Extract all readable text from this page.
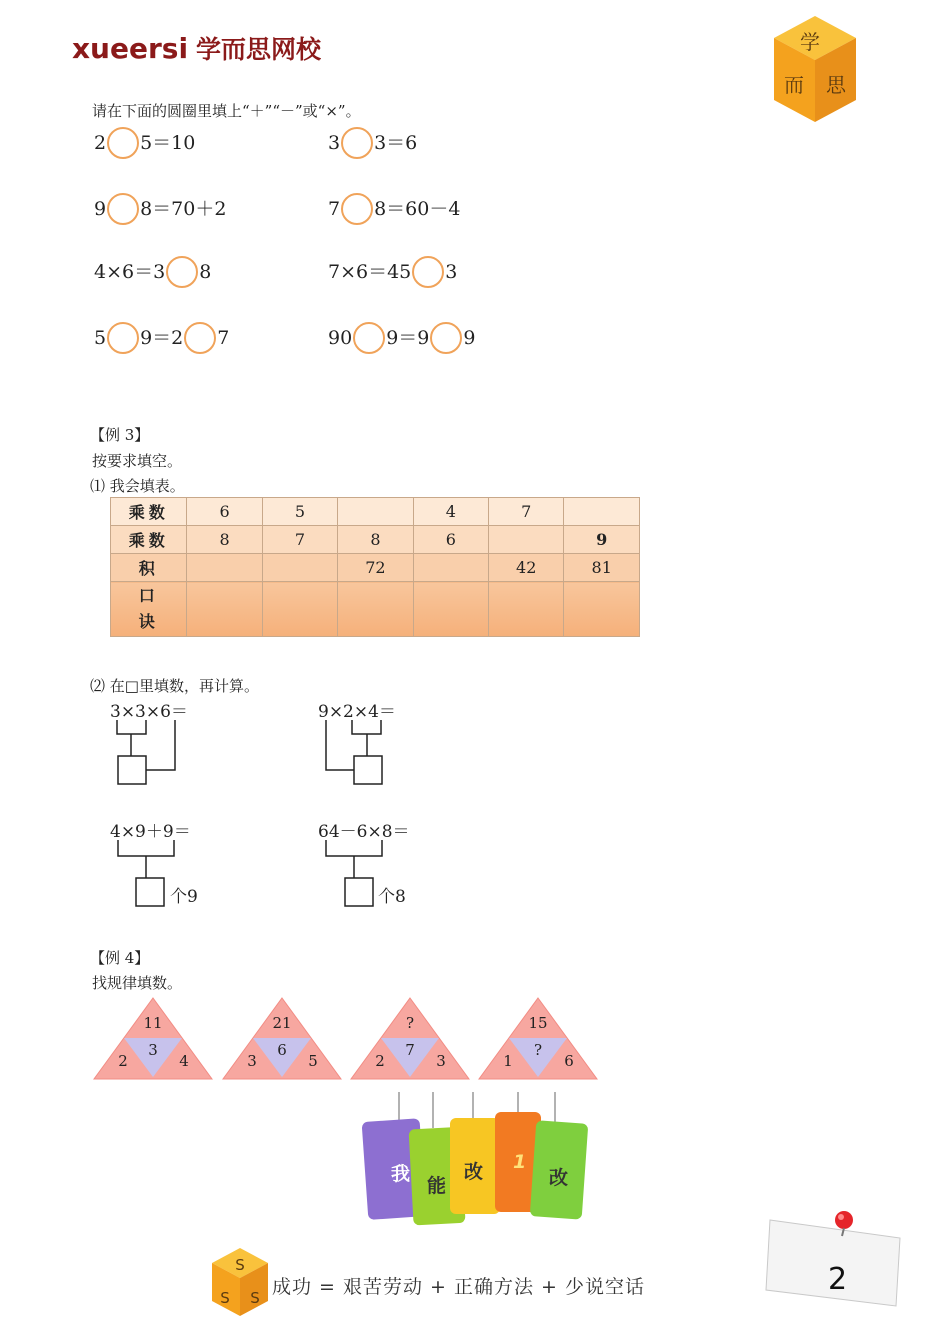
xueersi 学而思网校	学
而 思
请在下面的圆圈里填上“＋”“－”或“×”。
2 5＝10	3 3＝6
9 8＝70＋2	7 8＝60－4
4×6＝3 8	7×6＝45 3
5 9＝2 7	90 9＝9 9
【例 3】
按要求填空。
⑴ 我会填表。
乘数	6	5		4	7	
乘数	8	7	8	6		9
积			72		42	81

口
诀						

⑵ 在□里填数，再计算。
3×3×6＝	9×2×4＝
4×9＋9＝
个9
64－6×8＝
个8
【例 4】
找规律填数。
11
3
2	4
21
6
3	5
?
7
2	3
15
?
1	6
我
能
改 1
改
S
S S 成功 = 艰苦劳动 + 正确方法 + 少说空话	2
